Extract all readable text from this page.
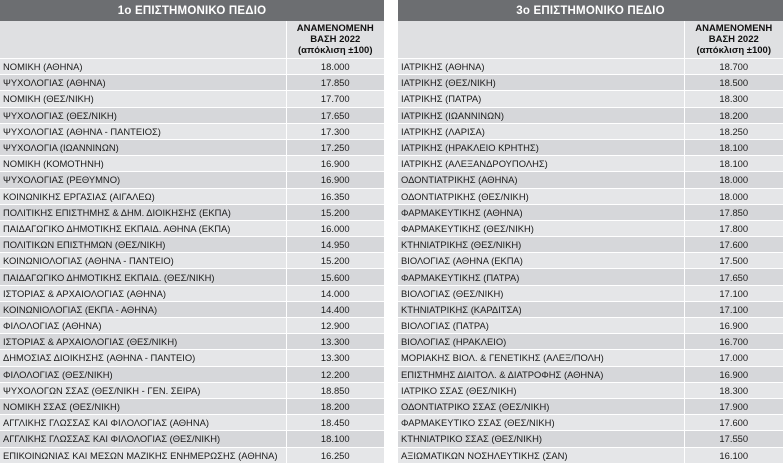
1ο ΕΠΙΣΤΗΜΟΝΙΚΟ ΠΕΔΙΟ	

	ΑΝΑΜΕΝΟΜΕΝΗ
ΒΑΣΗ 2022
(απόκλιση ±100)

ΝΟΜΙΚΗ (ΑΘΗΝΑ)	18.000
ΨΥΧΟΛΟΓΙΑΣ (ΑΘΗΝΑ)	17.850
ΝΟΜΙΚΗ (ΘΕΣ/ΝΙΚΗ)	17.700
ΨΥΧΟΛΟΓΙΑΣ (ΘΕΣ/ΝΙΚΗ)	17.650
ΨΥΧΟΛΟΓΙΑΣ (ΑΘΗΝΑ - ΠΑΝΤΕΙΟΣ)	17.300
ΨΥΧΟΛΟΓΙΑ (ΙΩΑΝΝΙΝΩΝ)	17.250
ΝΟΜΙΚΗ (ΚΟΜΟΤΗΝΗ)	16.900
ΨΥΧΟΛΟΓΙΑΣ (ΡΕΘΥΜΝΟ)	16.900
ΚΟΙΝΩΝΙΚΗΣ ΕΡΓΑΣΙΑΣ (ΑΙΓΑΛΕΩ)	16.350
ΠΟΛΙΤΙΚΗΣ ΕΠΙΣΤΗΜΗΣ & ΔΗΜ. ΔΙΟΙΚΗΣΗΣ (ΕΚΠΑ)	15.200
ΠΑΙΔΑΓΩΓΙΚΟ ΔΗΜΟΤΙΚΗΣ ΕΚΠΑΙΔ. ΑΘΗΝΑ (ΕΚΠΑ)	16.000
ΠΟΛΙΤΙΚΩΝ ΕΠΙΣΤΗΜΩΝ (ΘΕΣ/ΝΙΚΗ)	14.950
ΚΟΙΝΩΝΙΟΛΟΓΙΑΣ (ΑΘΗΝΑ - ΠΑΝΤΕΙΟ)	15.200
ΠΑΙΔΑΓΩΓΙΚΟ ΔΗΜΟΤΙΚΗΣ ΕΚΠΑΙΔ. (ΘΕΣ/ΝΙΚΗ)	15.600
ΙΣΤΟΡΙΑΣ & ΑΡΧΑΙΟΛΟΓΙΑΣ (ΑΘΗΝΑ)	14.000
ΚΟΙΝΩΝΙΟΛΟΓΙΑΣ (ΕΚΠΑ - ΑΘΗΝΑ)	14.400
ΦΙΛΟΛΟΓΙΑΣ (ΑΘΗΝΑ)	12.900
ΙΣΤΟΡΙΑΣ & ΑΡΧΑΙΟΛΟΓΙΑΣ (ΘΕΣ/ΝΙΚΗ)	13.300
ΔΗΜΟΣΙΑΣ ΔΙΟΙΚΗΣΗΣ (ΑΘΗΝΑ - ΠΑΝΤΕΙΟ)	13.300
ΦΙΛΟΛΟΓΙΑΣ (ΘΕΣ/ΝΙΚΗ)	12.200
ΨΥΧΟΛΟΓΩΝ ΣΣΑΣ (ΘΕΣ/ΝΙΚΗ - ΓΕΝ. ΣΕΙΡΑ)	18.850
ΝΟΜΙΚΗ ΣΣΑΣ (ΘΕΣ/ΝΙΚΗ)	18.200
ΑΓΓΛΙΚΗΣ ΓΛΩΣΣΑΣ ΚΑΙ ΦΙΛΟΛΟΓΙΑΣ (ΑΘΗΝΑ)	18.450
ΑΓΓΛΙΚΗΣ ΓΛΩΣΣΑΣ ΚΑΙ ΦΙΛΟΛΟΓΙΑΣ (ΘΕΣ/ΝΙΚΗ)	18.100
ΕΠΙΚΟΙΝΩΝΙΑΣ ΚΑΙ ΜΕΣΩΝ ΜΑΖΙΚΗΣ ΕΝΗΜΕΡΩΣΗΣ (ΑΘΗΝΑ)	16.250
3ο ΕΠΙΣΤΗΜΟΝΙΚΟ ΠΕΔΙΟ	

	ΑΝΑΜΕΝΟΜΕΝΗ
ΒΑΣΗ 2022
(απόκλιση ±100)

ΙΑΤΡΙΚΗΣ (ΑΘΗΝΑ)	18.700
ΙΑΤΡΙΚΗΣ (ΘΕΣ/ΝΙΚΗ)	18.500
ΙΑΤΡΙΚΗΣ (ΠΑΤΡΑ)	18.300
ΙΑΤΡΙΚΗΣ (ΙΩΑΝΝΙΝΩΝ)	18.200
ΙΑΤΡΙΚΗΣ (ΛΑΡΙΣΑ)	18.250
ΙΑΤΡΙΚΗΣ (ΗΡΑΚΛΕΙΟ ΚΡΗΤΗΣ)	18.100
ΙΑΤΡΙΚΗΣ (ΑΛΕΞΑΝΔΡΟΥΠΟΛΗΣ)	18.100
ΟΔΟΝΤΙΑΤΡΙΚΗΣ (ΑΘΗΝΑ)	18.000
ΟΔΟΝΤΙΑΤΡΙΚΗΣ (ΘΕΣ/ΝΙΚΗ)	18.000
ΦΑΡΜΑΚΕΥΤΙΚΗΣ (ΑΘΗΝΑ)	17.850
ΦΑΡΜΑΚΕΥΤΙΚΗΣ (ΘΕΣ/ΝΙΚΗ)	17.800
ΚΤΗΝΙΑΤΡΙΚΗΣ (ΘΕΣ/ΝΙΚΗ)	17.600
ΒΙΟΛΟΓΙΑΣ (ΑΘΗΝΑ (ΕΚΠΑ)	17.500
ΦΑΡΜΑΚΕΥΤΙΚΗΣ (ΠΑΤΡΑ)	17.650
ΒΙΟΛΟΓΙΑΣ (ΘΕΣ/ΝΙΚΗ)	17.100
ΚΤΗΝΙΑΤΡΙΚΗΣ (ΚΑΡΔΙΤΣΑ)	17.100
ΒΙΟΛΟΓΙΑΣ (ΠΑΤΡΑ)	16.900
ΒΙΟΛΟΓΙΑΣ (ΗΡΑΚΛΕΙΟ)	16.700
ΜΟΡΙΑΚΗΣ ΒΙΟΛ. & ΓΕΝΕΤΙΚΗΣ (ΑΛΕΞ/ΠΟΛΗ)	17.000
ΕΠΙΣΤΗΜΗΣ ΔΙΑΙΤΟΛ. & ΔΙΑΤΡΟΦΗΣ (ΑΘΗΝΑ)	16.900
ΙΑΤΡΙΚΟ ΣΣΑΣ (ΘΕΣ/ΝΙΚΗ)	18.300
ΟΔΟΝΤΙΑΤΡΙΚΟ ΣΣΑΣ (ΘΕΣ/ΝΙΚΗ)	17.900
ΦΑΡΜΑΚΕΥΤΙΚΟ ΣΣΑΣ (ΘΕΣ/ΝΙΚΗ)	17.600
ΚΤΗΝΙΑΤΡΙΚΟ ΣΣΑΣ (ΘΕΣ/ΝΙΚΗ)	17.550
ΑΞΙΩΜΑΤΙΚΩΝ ΝΟΣΗΛΕΥΤΙΚΗΣ (ΣΑΝ)	16.100
